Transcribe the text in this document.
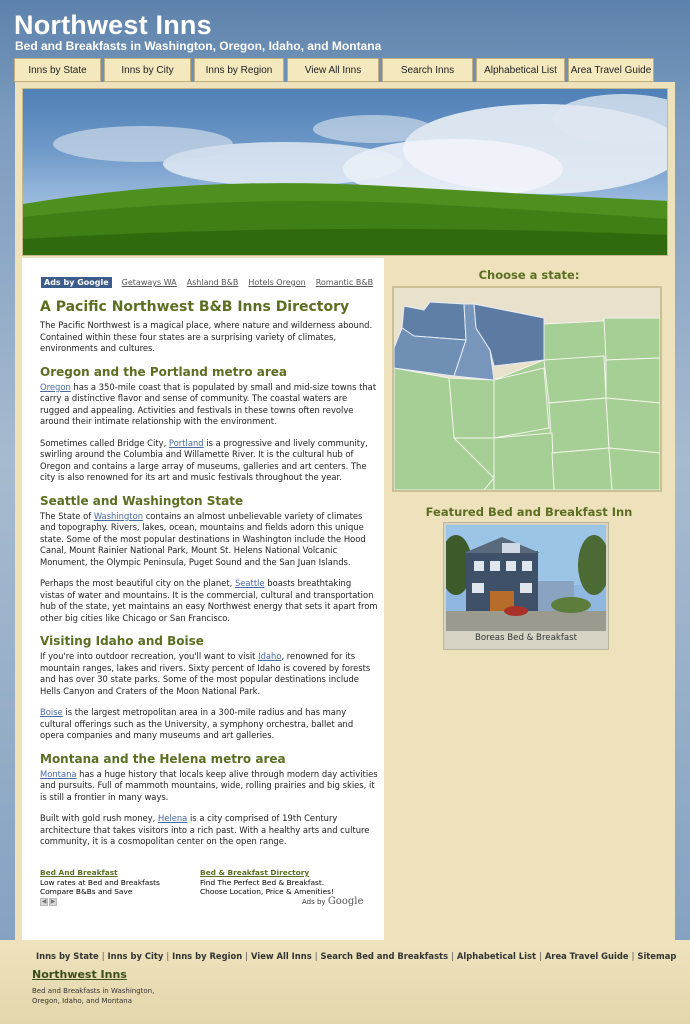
Northwest Inns
Bed and Breakfasts in Washington, Oregon, Idaho, and Montana
Inns by State	Inns by City	Inns by Region	View All Inns	Search Inns	Alphabetical List	Area Travel Guide
Ads by Google	Getaways WA Ashland B&B Hotels Oregon Romantic B&B
A Pacific Northwest B&B Inns Directory

The Pacific Northwest is a magical place, where nature and wilderness abound. Contained within these four states are a surprising variety of climates, environments and cultures.

Oregon and the Portland metro area

Oregon has a 350-mile coast that is populated by small and mid-size towns that carry a distinctive flavor and sense of community. The coastal waters are rugged and appealing. Activities and festivals in these towns often revolve around their intimate relationship with the environment.

Sometimes called Bridge City, Portland is a progressive and lively community, swirling around the Columbia and Willamette River. It is the cultural hub of Oregon and contains a large array of museums, galleries and art centers. The city is also renowned for its art and music festivals throughout the year.

Seattle and Washington State

The State of Washington contains an almost unbelievable variety of climates and topography. Rivers, lakes, ocean, mountains and fields adorn this unique state. Some of the most popular destinations in Washington include the Hood Canal, Mount Rainier National Park, Mount St. Helens National Volcanic Monument, the Olympic Peninsula, Puget Sound and the San Juan Islands.

Perhaps the most beautiful city on the planet, Seattle boasts breathtaking vistas of water and mountains. It is the commercial, cultural and transportation hub of the state, yet maintains an easy Northwest energy that sets it apart from other big cities like Chicago or San Francisco.

Visiting Idaho and Boise

If you're into outdoor recreation, you'll want to visit Idaho, renowned for its mountain ranges, lakes and rivers. Sixty percent of Idaho is covered by forests and has over 30 state parks. Some of the most popular destinations include Hells Canyon and Craters of the Moon National Park.

Boise is the largest metropolitan area in a 300-mile radius and has many cultural offerings such as the University, a symphony orchestra, ballet and opera companies and many museums and art galleries.

Montana and the Helena metro area

Montana has a huge history that locals keep alive through modern day activities and pursuits. Full of mammoth mountains, wide, rolling prairies and big skies, it is still a frontier in many ways.

Built with gold rush money, Helena is a city comprised of 19th Century architecture that takes visitors into a rich past. With a healthy arts and culture community, it is a cosmopolitan center on the open range.

Bed And Breakfast
Low rates at Bed and Breakfasts Compare B&Bs and Save
Bed & Breakfast Directory
Find The Perfect Bed & Breakfast. Choose Location, Price & Amenities!
◀ ▶	Ads by Google
Choose a state:
Featured Bed and Breakfast Inn
Boreas Bed & Breakfast
Inns by State | Inns by City | Inns by Region | View All Inns | Search Bed and Breakfasts | Alphabetical List | Area Travel Guide | Sitemap
Northwest Inns
Bed and Breakfasts in Washington, Oregon, Idaho, and Montana
